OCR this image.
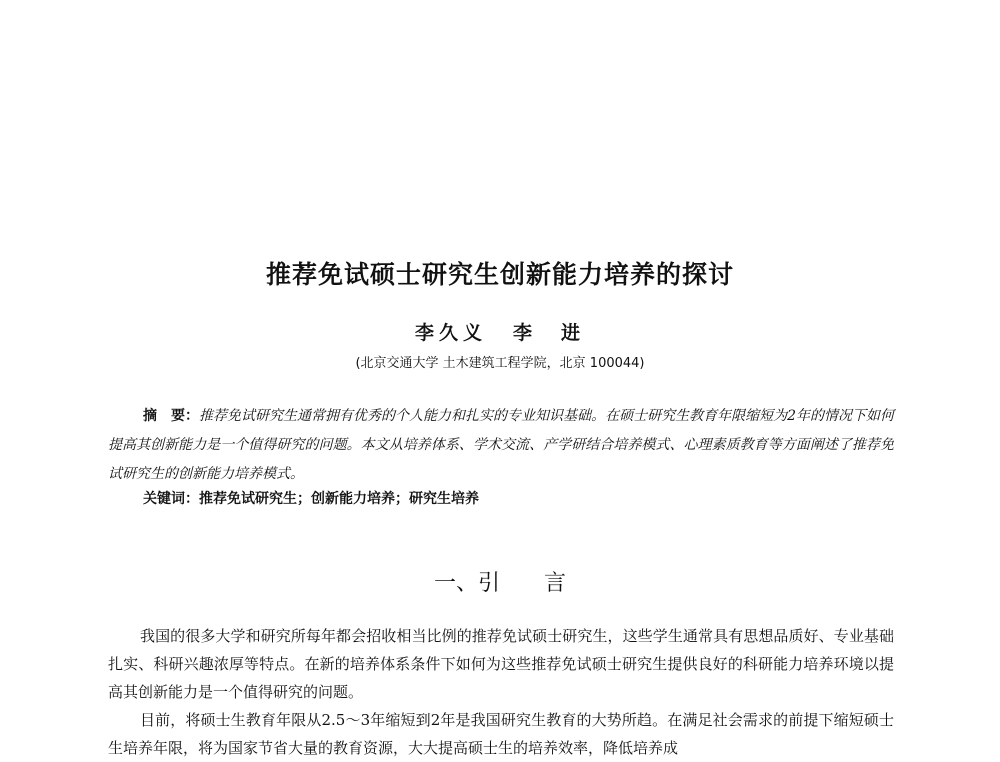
推荐免试硕士研究生创新能力培养的探讨
李久义 李　进
(北京交通大学 土木建筑工程学院，北京 100044)

摘　要：推荐免试研究生通常拥有优秀的个人能力和扎实的专业知识基础。在硕士研究生教育年限缩短为2年的情况下如何提高其创新能力是一个值得研究的问题。本文从培养体系、学术交流、产学研结合培养模式、心理素质教育等方面阐述了推荐免试研究生的创新能力培养模式。

关键词：推荐免试研究生；创新能力培养；研究生培养
一、引 言

我国的很多大学和研究所每年都会招收相当比例的推荐免试硕士研究生，这些学生通常具有思想品质好、专业基础扎实、科研兴趣浓厚等特点。在新的培养体系条件下如何为这些推荐免试硕士研究生提供良好的科研能力培养环境以提高其创新能力是一个值得研究的问题。

目前，将硕士生教育年限从2.5～3年缩短到2年是我国研究生教育的大势所趋。在满足社会需求的前提下缩短硕士生培养年限，将为国家节省大量的教育资源，大大提高硕士生的培养效率，降低培养成
